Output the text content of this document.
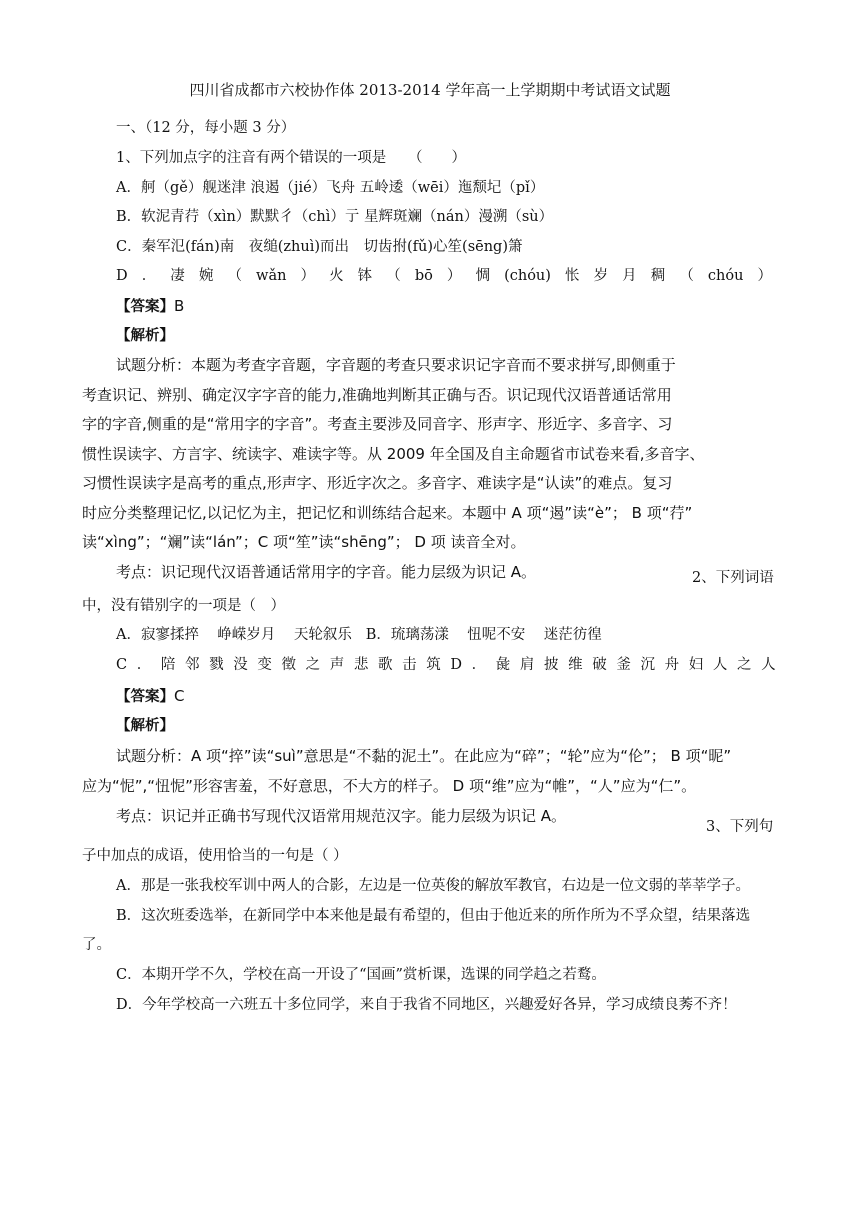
四川省成都市六校协作体 2013-2014 学年高一上学期期中考试语文试题
一、（12 分，每小题 3 分）
1、下列加点字的注音有两个错误的一项是　　（　　）
A．舸（gě）舰迷津 浪遏（jié）飞舟 五岭逶（wēi）迤颓圮（pǐ）
B．软泥青荇（xìn）默默彳（chì）亍 星辉斑斓（nán）漫溯（sù）
C．秦军氾(fán)南　夜缒(zhuì)而出　切齿拊(fǔ)心笙(sēng)箫
D ． 凄 婉 （ wǎn ） 火 钵 （ bō ） 惆 (chóu) 怅 岁 月 稠 （ chóu ）
【答案】B
【解析】
试题分析：本题为考查字音题，字音题的考查只要求识记字音而不要求拼写,即侧重于
考查识记、辨别、确定汉字字音的能力,准确地判断其正确与否。识记现代汉语普通话常用
字的字音,侧重的是“常用字的字音”。考查主要涉及同音字、形声字、形近字、多音字、习
惯性误读字、方言字、统读字、难读字等。从 2009 年全国及自主命题省市试卷来看,多音字、
习惯性误读字是高考的重点,形声字、形近字次之。多音字、难读字是“认读”的难点。复习
时应分类整理记忆,以记忆为主，把记忆和训练结合起来。本题中 A 项“遏”读“è”； B 项“荇”
读“xìng”；“斓”读“lán”；C 项“笙”读“shēng”； D 项 读音全对。
考点：识记现代汉语普通话常用字的字音。能力层级为识记 A。	2、下列词语
中，没有错别字的一项是（　）
A．寂寥揉捽 峥嵘岁月 天轮叙乐 B．琉璃荡漾 忸呢不安 迷茫彷徨
C ． 陪 邻 戮 没 变 徵 之 声 悲 歌 击 筑 D ． 彘 肩 披 维 破 釜 沉 舟 妇 人 之 人
【答案】C
【解析】
试题分析：A 项“捽”读“suì”意思是“不黏的泥土”。在此应为“碎”；“轮”应为“伦”； B 项“昵”
应为“怩”,“忸怩”形容害羞，不好意思，不大方的样子。 D 项“维”应为“帷”，“人”应为“仁”。
考点：识记并正确书写现代汉语常用规范汉字。能力层级为识记 A。
3、下列句
子中加点的成语，使用恰当的一句是（ ）
A．那是一张我校军训中两人的合影，左边是一位英俊的解放军教官，右边是一位文弱的莘莘学子。
B．这次班委选举，在新同学中本来他是最有希望的，但由于他近来的所作所为不孚众望，结果落选
了。
C．本期开学不久，学校在高一开设了“国画”赏析课，选课的同学趋之若鹜。
D．今年学校高一六班五十多位同学，来自于我省不同地区，兴趣爱好各异，学习成绩良莠不齐！
